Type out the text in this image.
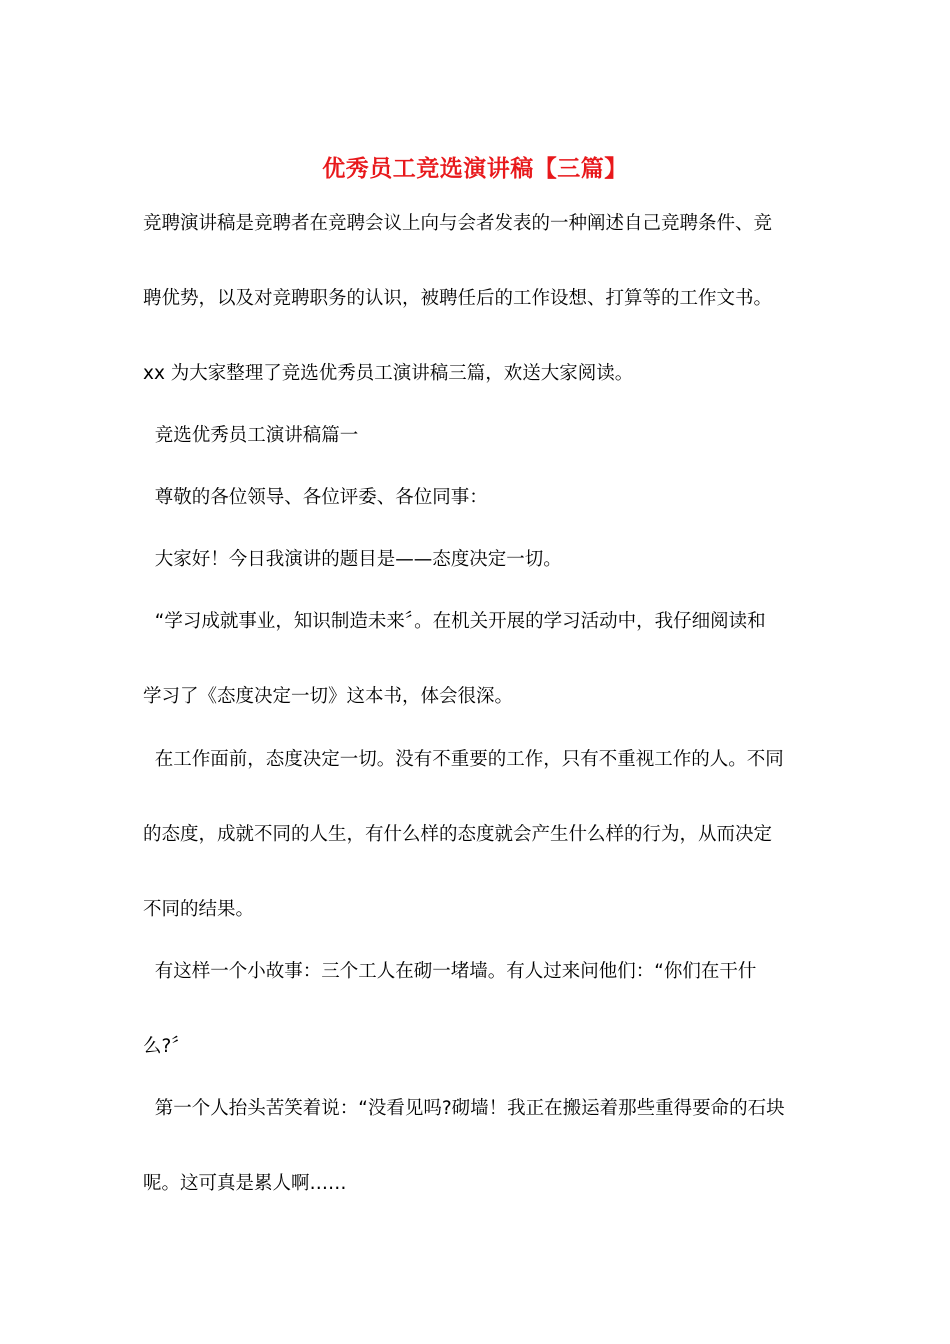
优秀员工竞选演讲稿【三篇】
竞聘演讲稿是竞聘者在竞聘会议上向与会者发表的一种阐述自己竞聘条件、竞
聘优势，以及对竞聘职务的认识，被聘任后的工作设想、打算等的工作文书。
xx 为大家整理了竞选优秀员工演讲稿三篇，欢送大家阅读。
竞选优秀员工演讲稿篇一
尊敬的各位领导、各位评委、各位同事：
大家好！今日我演讲的题目是——态度决定一切。
“学习成就事业，知识制造未来〞。在机关开展的学习活动中，我仔细阅读和
学习了《态度决定一切》这本书，体会很深。
在工作面前，态度决定一切。没有不重要的工作，只有不重视工作的人。不同
的态度，成就不同的人生，有什么样的态度就会产生什么样的行为，从而决定
不同的结果。
有这样一个小故事：三个工人在砌一堵墙。有人过来问他们：“你们在干什
么?〞
第一个人抬头苦笑着说：“没看见吗?砌墙！我正在搬运着那些重得要命的石块
呢。这可真是累人啊……
